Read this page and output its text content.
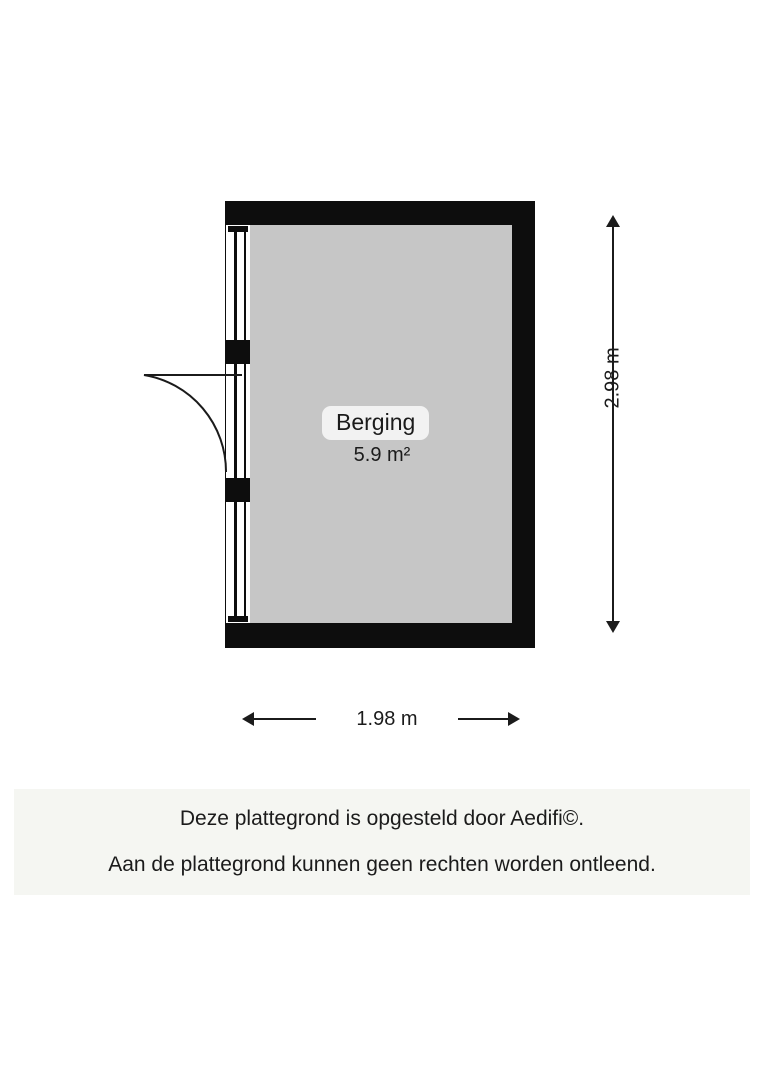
Berging
5.9 m²
2.98 m
1.98 m
Deze plattegrond is opgesteld door Aedifi©.
Aan de plattegrond kunnen geen rechten worden ontleend.
